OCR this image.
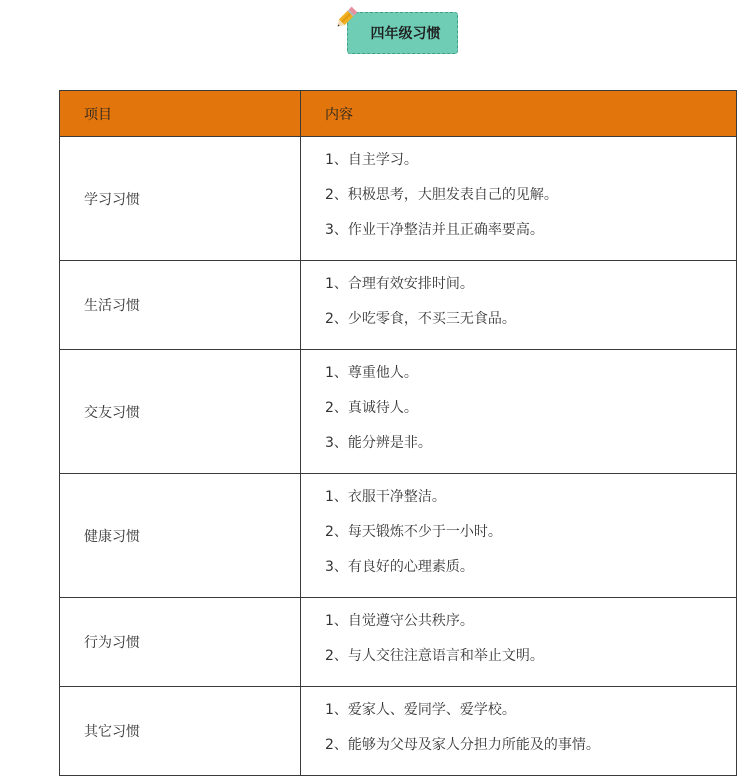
四年级习惯
项目	内容
学习习惯	1、自主学习。
2、积极思考，大胆发表自己的见解。
3、作业干净整洁并且正确率要高。

生活习惯	1、合理有效安排时间。
2、少吃零食，不买三无食品。

交友习惯	1、尊重他人。
2、真诚待人。
3、能分辨是非。

健康习惯	1、衣服干净整洁。
2、每天锻炼不少于一小时。
3、有良好的心理素质。

行为习惯	1、自觉遵守公共秩序。
2、与人交往注意语言和举止文明。

其它习惯	1、爱家人、爱同学、爱学校。
2、能够为父母及家人分担力所能及的事情。
